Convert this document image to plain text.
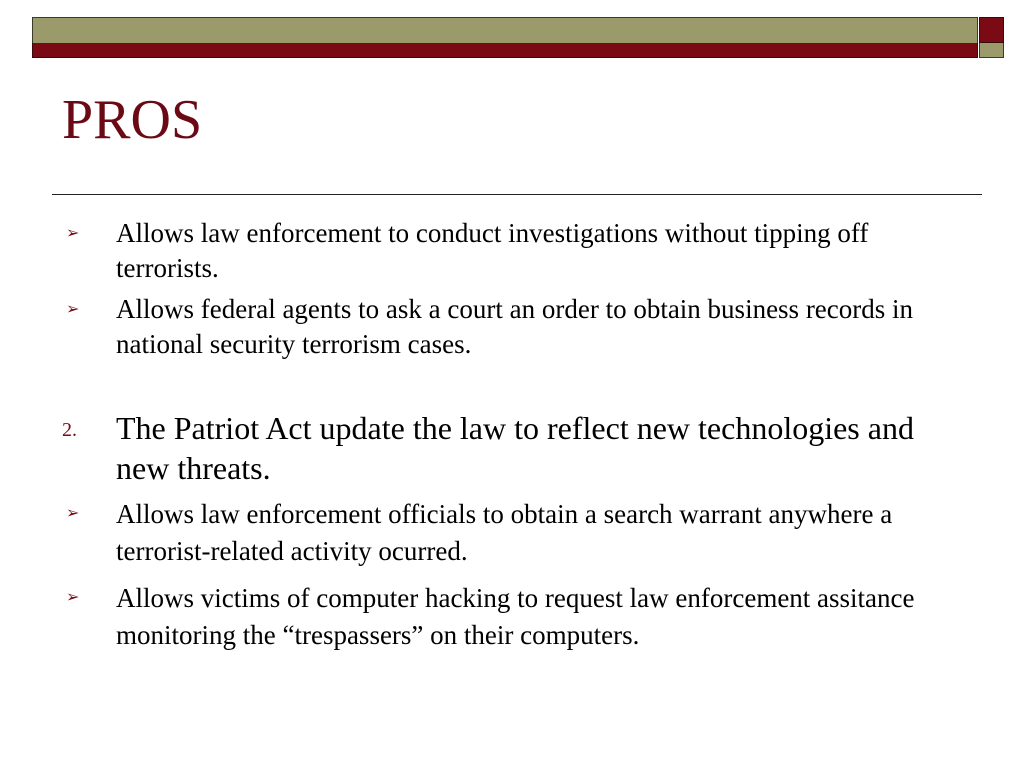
PROS
➢	Allows law enforcement to conduct investigations without tipping off terrorists.
➢	Allows federal agents to ask a court an order to obtain business records in national security terrorism cases.
2.	The Patriot Act update the law to reflect new technologies and new threats.
➢	Allows law enforcement officials to obtain a search warrant anywhere a terrorist-related activity ocurred.
➢	Allows victims of computer hacking to request law enforcement assitance monitoring the “trespassers” on their computers.
